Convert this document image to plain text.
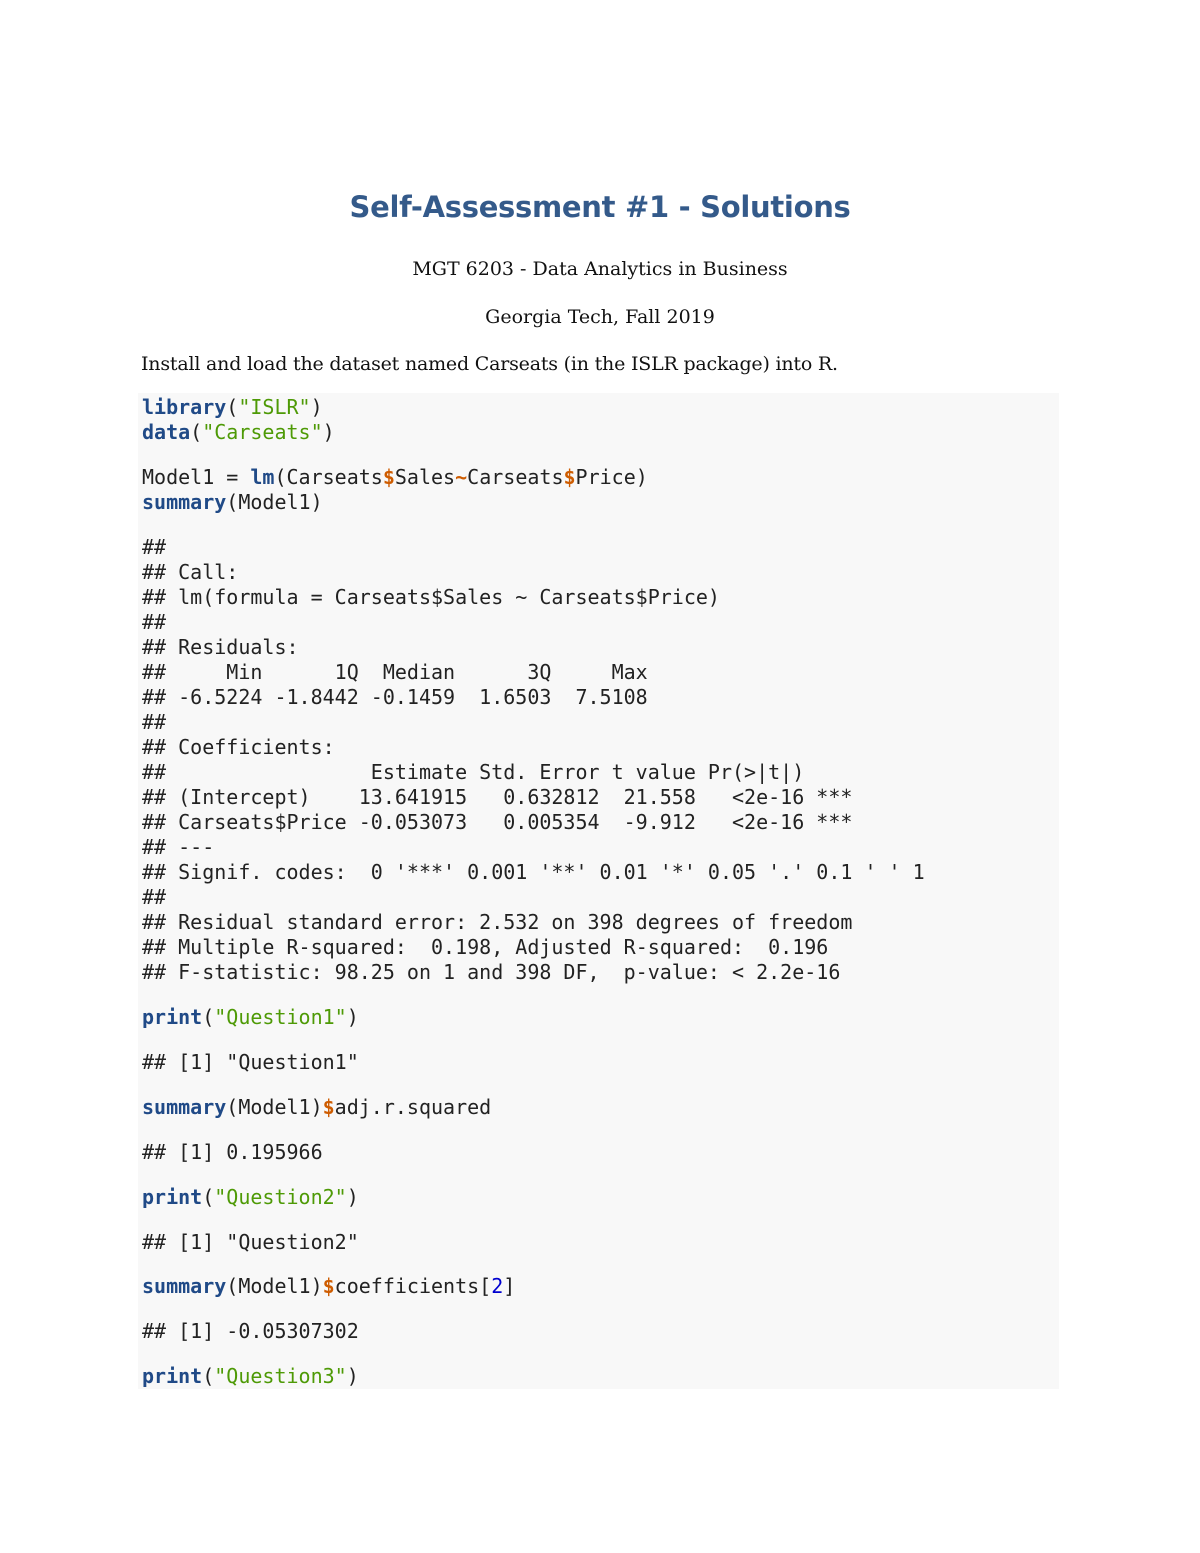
Self-Assessment #1 - Solutions
MGT 6203 - Data Analytics in Business
Georgia Tech, Fall 2019
Install and load the dataset named Carseats (in the ISLR package) into R.
library("ISLR")
data("Carseats")
Model1 = lm(Carseats$Sales~Carseats$Price)
summary(Model1)
##
## Call:
## lm(formula = Carseats$Sales ~ Carseats$Price)
##
## Residuals:
##     Min      1Q  Median      3Q     Max
## -6.5224 -1.8442 -0.1459  1.6503  7.5108
##
## Coefficients:
##                 Estimate Std. Error t value Pr(>|t|)
## (Intercept)    13.641915   0.632812  21.558   <2e-16 ***
## Carseats$Price -0.053073   0.005354  -9.912   <2e-16 ***
## ---
## Signif. codes:  0 '***' 0.001 '**' 0.01 '*' 0.05 '.' 0.1 ' ' 1
##
## Residual standard error: 2.532 on 398 degrees of freedom
## Multiple R-squared:  0.198,	Adjusted R-squared:  0.196
## F-statistic: 98.25 on 1 and 398 DF,  p-value: < 2.2e-16
print("Question1")
## [1] "Question1"
summary(Model1)$adj.r.squared
## [1] 0.195966
print("Question2")
## [1] "Question2"
summary(Model1)$coefficients[2]
## [1] -0.05307302
print("Question3")
